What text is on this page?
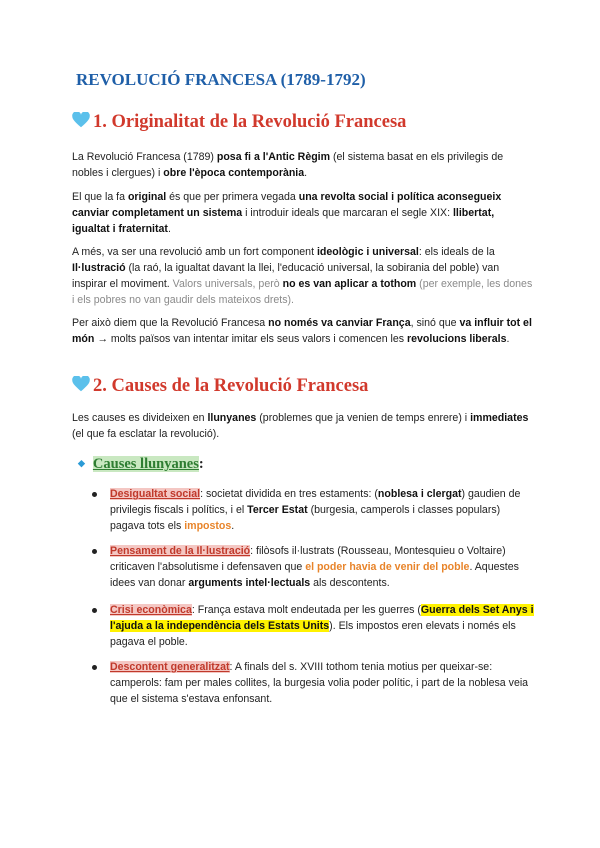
REVOLUCIÓ FRANCESA (1789-1792)
1. Originalitat de la Revolució Francesa

La Revolució Francesa (1789) posa fi a l'Antic Règim (el sistema basat en els privilegis de nobles i clergues) i obre l'època contemporània.

El que la fa original és que per primera vegada una revolta social i política aconsegueix canviar completament un sistema i introduir ideals que marcaran el segle XIX: llibertat, igualtat i fraternitat.

A més, va ser una revolució amb un fort component ideològic i universal: els ideals de la Il·lustració (la raó, la igualtat davant la llei, l'educació universal, la sobirania del poble) van inspirar el moviment. Valors universals, però no es van aplicar a tothom (per exemple, les dones i els pobres no van gaudir dels mateixos drets).

Per això diem que la Revolució Francesa no només va canviar França, sinó que va influir tot el món → molts països van intentar imitar els seus valors i comencen les revolucions liberals.

2. Causes de la Revolució Francesa

Les causes es divideixen en llunyanes (problemes que ja venien de temps enrere) i immediates (el que fa esclatar la revolució).

◆ Causes llunyanes:

Desigualtat social: societat dividida en tres estaments: (noblesa i clergat) gaudien de privilegis fiscals i polítics, i el Tercer Estat (burgesia, camperols i classes populars) pagava tots els impostos.

Pensament de la Il·lustració: filòsofs il·lustrats (Rousseau, Montesquieu o Voltaire) criticaven l'absolutisme i defensaven que el poder havia de venir del poble. Aquestes idees van donar arguments intel·lectuals als descontents.

Crisi econòmica: França estava molt endeutada per les guerres (Guerra dels Set Anys i l'ajuda a la independència dels Estats Units). Els impostos eren elevats i només els pagava el poble.

Descontent generalitzat: A finals del s. XVIII tothom tenia motius per queixar-se: camperols: fam per males collites, la burgesia volia poder polític, i part de la noblesa veia que el sistema s'estava enfonsant.
